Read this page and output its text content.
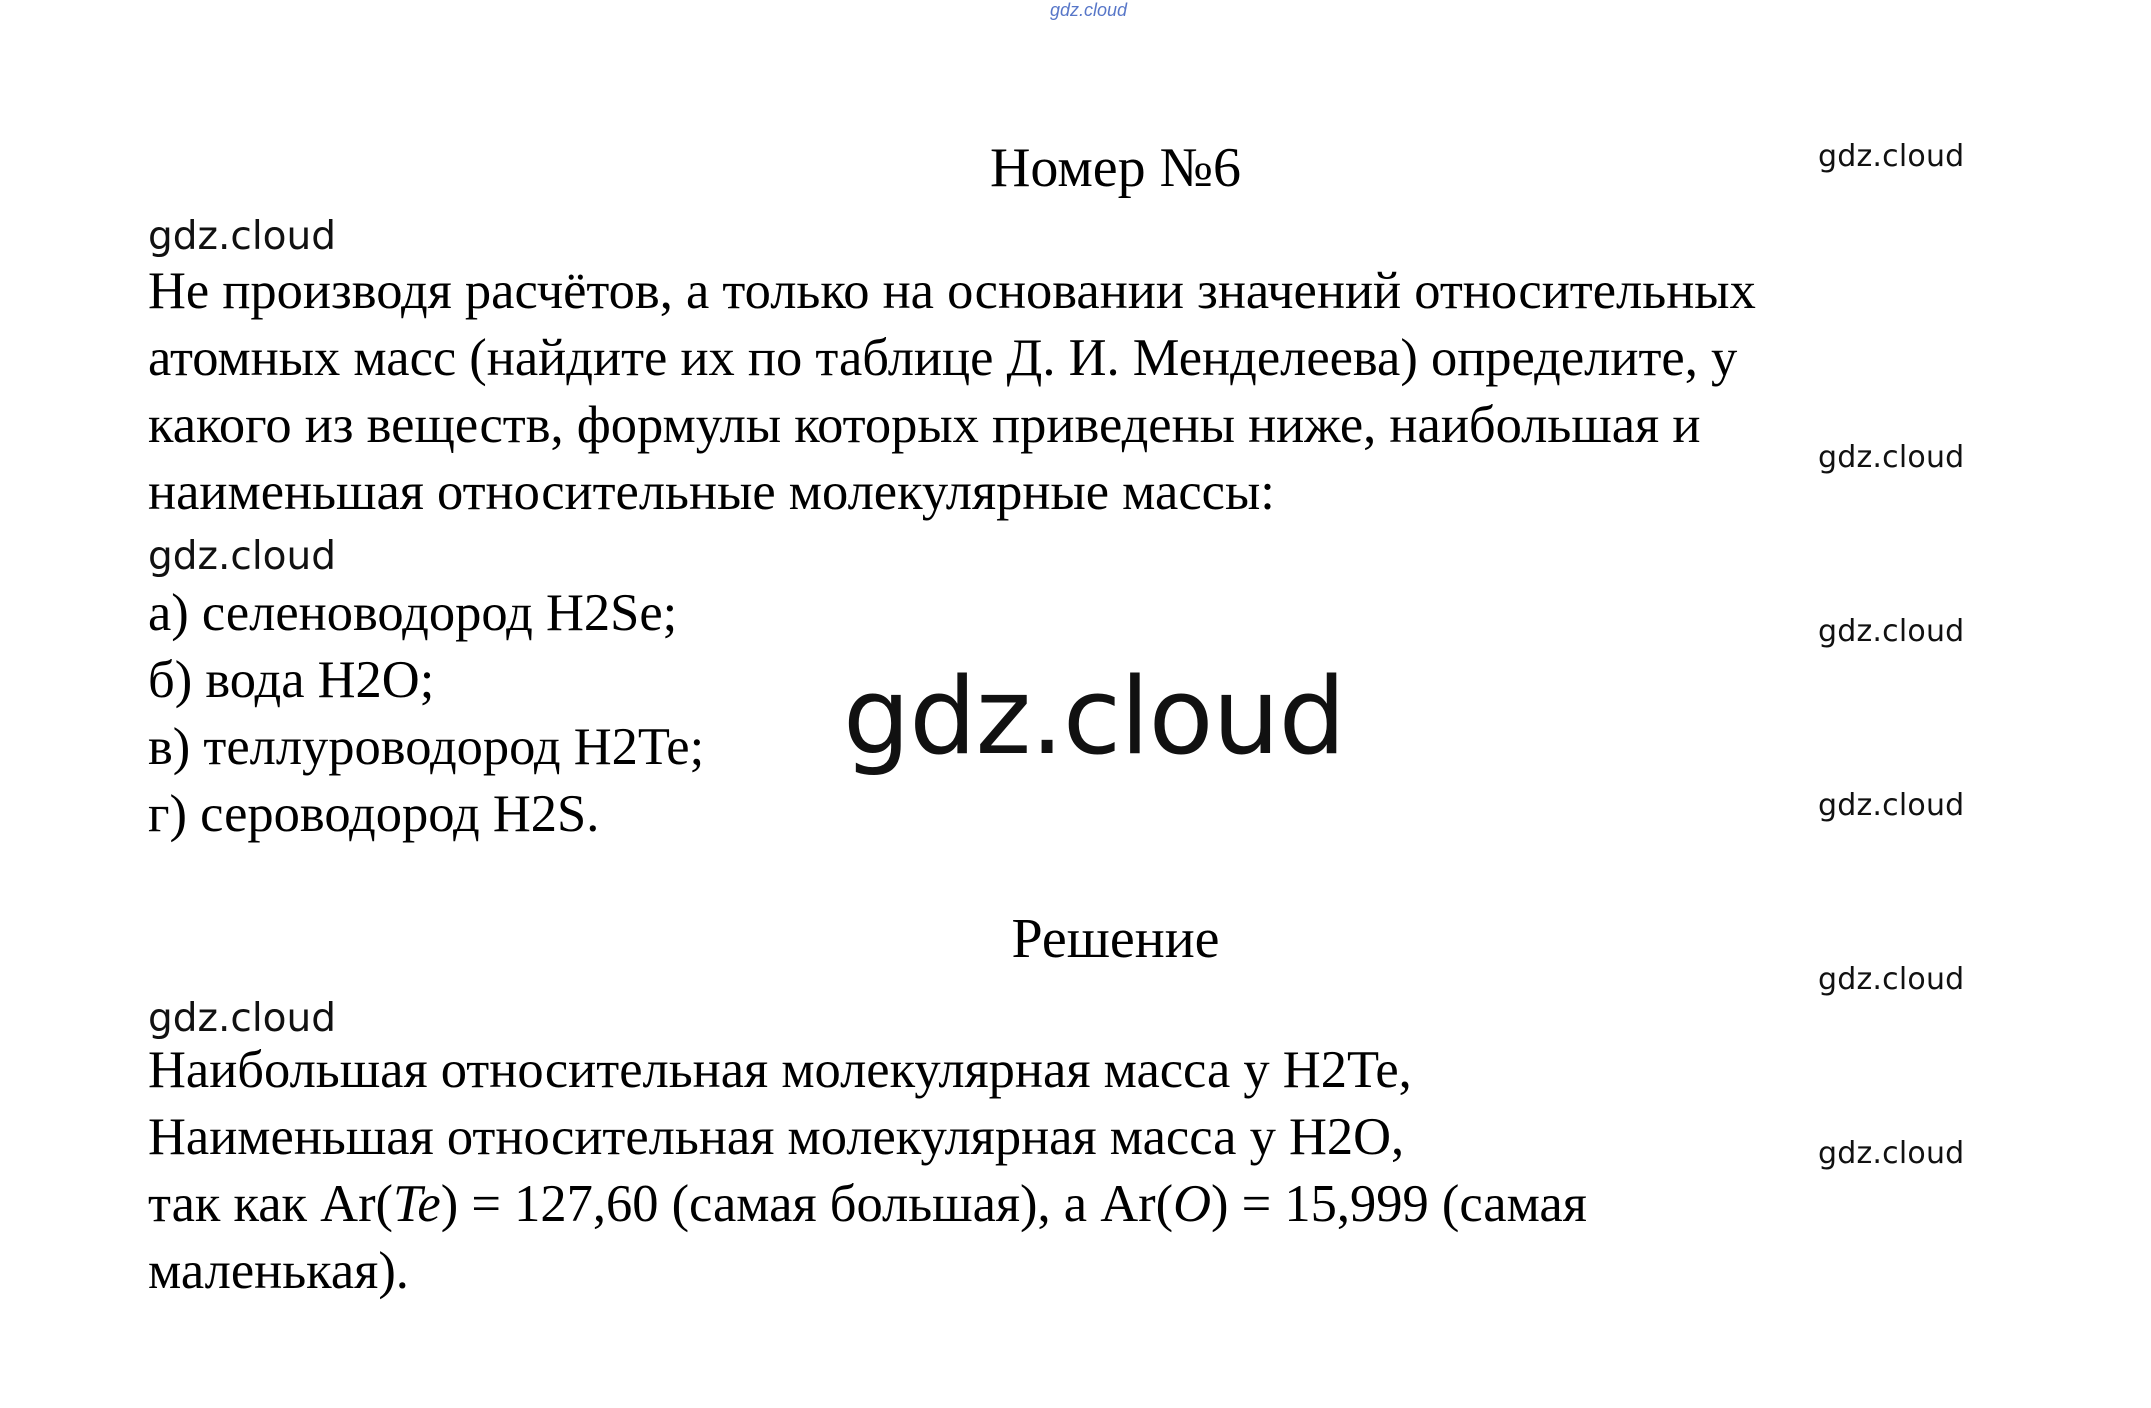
gdz.cloud
gdz.cloud
gdz.cloud
gdz.cloud
gdz.cloud
gdz.cloud
gdz.cloud
gdz.cloud
gdz.cloud
gdz.cloud
gdz.cloud
Номер №6
Не производя расчётов, а только на основании значений относительных
атомных масс (найдите их по таблице Д. И. Менделеева) определите, у
какого из веществ, формулы которых приведены ниже, наибольшая и
наименьшая относительные молекулярные массы:
а) селеноводород H2Se;
б) вода H2O;
в) теллуроводород H2Te;
г) сероводород H2S.
Решение
Наибольшая относительная молекулярная масса у H2Te,
Наименьшая относительная молекулярная масса у H2O,
так как Ar(Te) = 127,60 (самая большая), а Ar(O) = 15,999 (самая
маленькая).
